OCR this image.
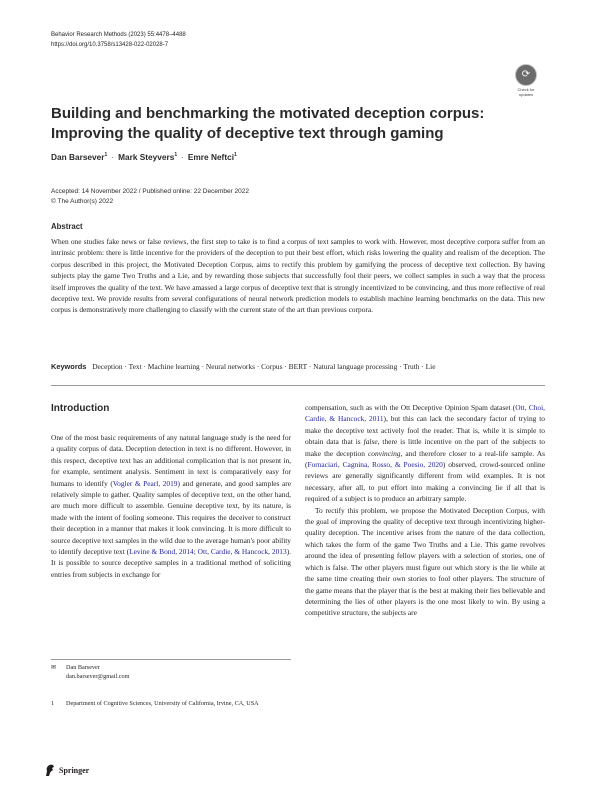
Behavior Research Methods (2023) 55:4478–4488
https://doi.org/10.3758/s13428-022-02028-7
⟳
Check for
updates
Building and benchmarking the motivated deception corpus: Improving the quality of deceptive text through gaming
Dan Barsever$^1$ · Mark Steyvers$^1$ · Emre Neftci$^1$
Accepted: 14 November 2022 / Published online: 22 December 2022
© The Author(s) 2022
Abstract

When one studies fake news or false reviews, the first step to take is to find a corpus of text samples to work with. However, most deceptive corpora suffer from an intrinsic problem: there is little incentive for the providers of the deception to put their best effort, which risks lowering the quality and realism of the deception. The corpus described in this project, the Motivated Deception Corpus, aims to rectify this problem by gamifying the process of deceptive text collection. By having subjects play the game Two Truths and a Lie, and by rewarding those subjects that successfully fool their peers, we collect samples in such a way that the process itself improves the quality of the text. We have amassed a large corpus of deceptive text that is strongly incentivized to be convincing, and thus more reflective of real deceptive text. We provide results from several configurations of neural network prediction models to establish machine learning benchmarks on the data. This new corpus is demonstratively more challenging to classify with the current state of the art than previous corpora.

Keywords Deception · Text · Machine learning · Neural networks · Corpus · BERT · Natural language processing · Truth · Lie
Introduction

One of the most basic requirements of any natural language study is the need for a quality corpus of data. Deception detection in text is no different. However, in this respect, deceptive text has an additional complication that is not present in, for example, sentiment analysis. Sentiment in text is comparatively easy for humans to identify (Vogler & Pearl, 2019) and generate, and good samples are relatively simple to gather. Quality samples of deceptive text, on the other hand, are much more difficult to assemble. Genuine deceptive text, by its nature, is made with the intent of fooling someone. This requires the deceiver to construct their deception in a manner that makes it look convincing. It is more difficult to source deceptive text samples in the wild due to the average human's poor ability to identify deceptive text (Levine & Bond, 2014; Ott, Cardie, & Hancock, 2013). It is possible to source deceptive samples in a traditional method of soliciting entries from subjects in exchange for

compensation, such as with the Ott Deceptive Opinion Spam dataset (Ott, Choi, Cardie, & Hancock, 2011), but this can lack the secondary factor of trying to make the deceptive text actively fool the reader. That is, while it is simple to obtain data that is false, there is little incentive on the part of the subjects to make the deception convincing, and therefore closer to a real-life sample. As (Fornaciari, Cagnina, Rosso, & Poesio, 2020) observed, crowd-sourced online reviews are generally significantly different from wild examples. It is not necessary, after all, to put effort into making a convincing lie if all that is required of a subject is to produce an arbitrary sample.

To rectify this problem, we propose the Motivated Deception Corpus, with the goal of improving the quality of deceptive text through incentivizing higher-quality deception. The incentive arises from the nature of the data collection, which takes the form of the game Two Truths and a Lie. This game revolves around the idea of presenting fellow players with a selection of stories, one of which is false. The other players must figure out which story is the lie while at the same time creating their own stories to fool other players. The structure of the game means that the player that is the best at making their lies believable and determining the lies of other players is the one most likely to win. By using a competitive structure, the subjects are

✉ Dan Barsever
dan.barsever@gmail.com
1 Department of Cognitive Sciences, University of California, Irvine, CA, USA
Springer
